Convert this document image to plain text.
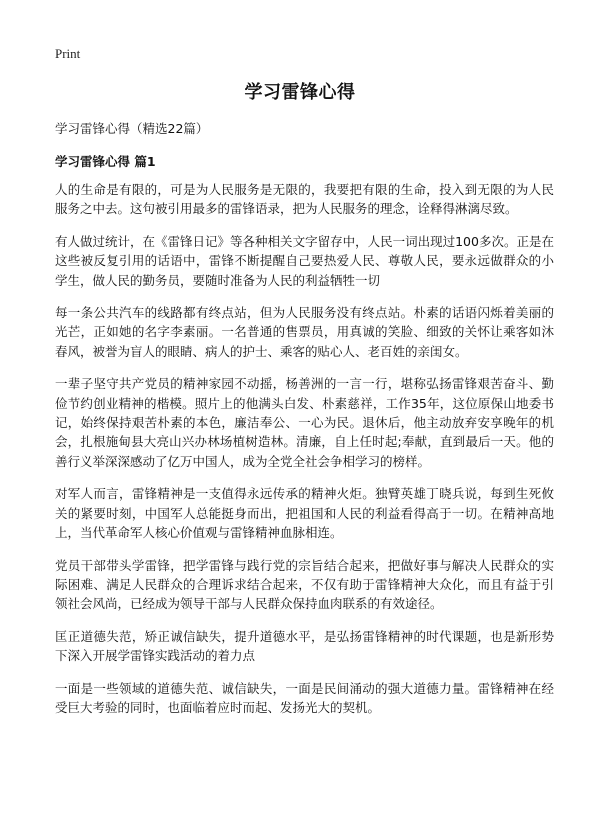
Print
学习雷锋心得

学习雷锋心得（精选22篇）

学习雷锋心得 篇1

人的生命是有限的，可是为人民服务是无限的，我要把有限的生命，投入到无限的为人民服务之中去。这句被引用最多的雷锋语录，把为人民服务的理念，诠释得淋漓尽致。

有人做过统计，在《雷锋日记》等各种相关文字留存中，人民一词出现过100多次。正是在这些被反复引用的话语中，雷锋不断提醒自己要热爱人民、尊敬人民，要永远做群众的小学生，做人民的勤务员，要随时准备为人民的利益牺牲一切

每一条公共汽车的线路都有终点站，但为人民服务没有终点站。朴素的话语闪烁着美丽的光芒，正如她的名字李素丽。一名普通的售票员，用真诚的笑脸、细致的关怀让乘客如沐春风，被誉为盲人的眼睛、病人的护士、乘客的贴心人、老百姓的亲闺女。

一辈子坚守共产党员的精神家园不动摇，杨善洲的一言一行，堪称弘扬雷锋艰苦奋斗、勤俭节约创业精神的楷模。照片上的他满头白发、朴素慈祥，工作35年，这位原保山地委书记，始终保持艰苦朴素的本色，廉洁奉公、一心为民。退休后，他主动放弃安享晚年的机会，扎根施甸县大亮山兴办林场植树造林。清廉，自上任时起;奉献，直到最后一天。他的善行义举深深感动了亿万中国人，成为全党全社会争相学习的榜样。

对军人而言，雷锋精神是一支值得永远传承的精神火炬。独臂英雄丁晓兵说，每到生死攸关的紧要时刻，中国军人总能挺身而出，把祖国和人民的利益看得高于一切。在精神高地上，当代革命军人核心价值观与雷锋精神血脉相连。

党员干部带头学雷锋，把学雷锋与践行党的宗旨结合起来，把做好事与解决人民群众的实际困难、满足人民群众的合理诉求结合起来，不仅有助于雷锋精神大众化，而且有益于引领社会风尚，已经成为领导干部与人民群众保持血肉联系的有效途径。

匡正道德失范，矫正诚信缺失，提升道德水平，是弘扬雷锋精神的时代课题，也是新形势下深入开展学雷锋实践活动的着力点

一面是一些领域的道德失范、诚信缺失，一面是民间涌动的强大道德力量。雷锋精神在经受巨大考验的同时，也面临着应时而起、发扬光大的契机。
